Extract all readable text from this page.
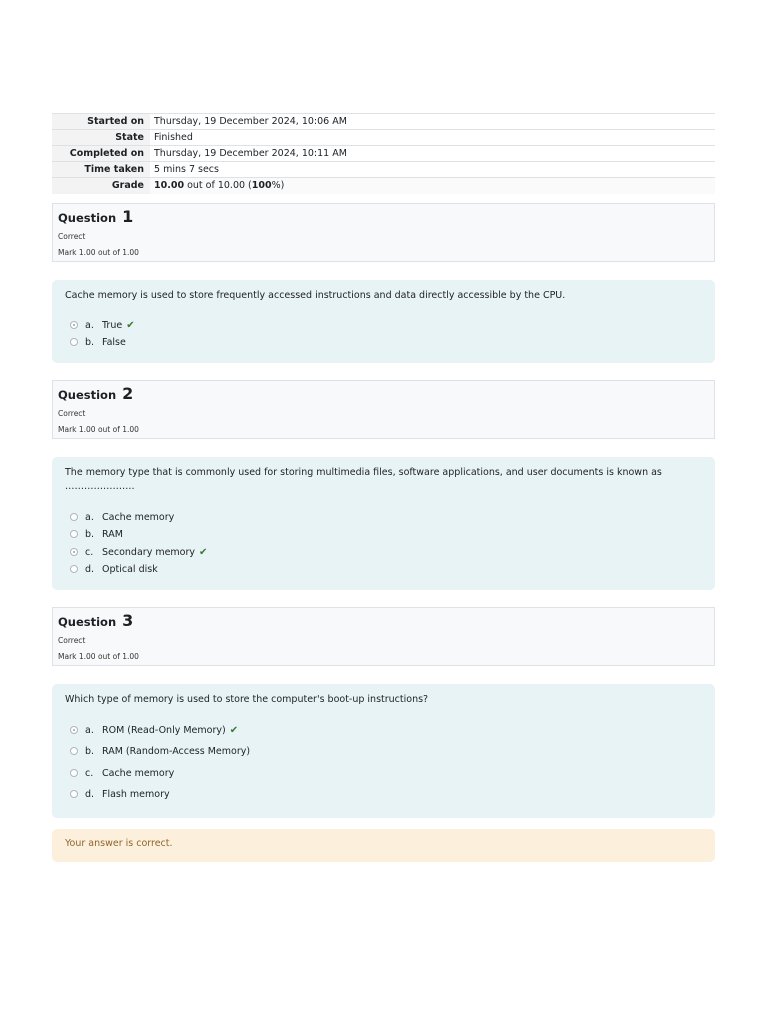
Started on	Thursday, 19 December 2024, 10:06 AM
State	Finished
Completed on	Thursday, 19 December 2024, 10:11 AM
Time taken	5 mins 7 secs
Grade	10.00 out of 10.00 (100%)
Question 1
Correct
Mark 1.00 out of 1.00
Cache memory is used to store frequently accessed instructions and data directly accessible by the CPU.
a. True ✔
b. False
Question 2
Correct
Mark 1.00 out of 1.00
The memory type that is commonly used for storing multimedia files, software applications, and user documents is known as ………………….
a. Cache memory
b. RAM
c. Secondary memory ✔
d. Optical disk
Question 3
Correct
Mark 1.00 out of 1.00
Which type of memory is used to store the computer's boot-up instructions?
a. ROM (Read-Only Memory) ✔
b. RAM (Random-Access Memory)
c. Cache memory
d. Flash memory
Your answer is correct.
